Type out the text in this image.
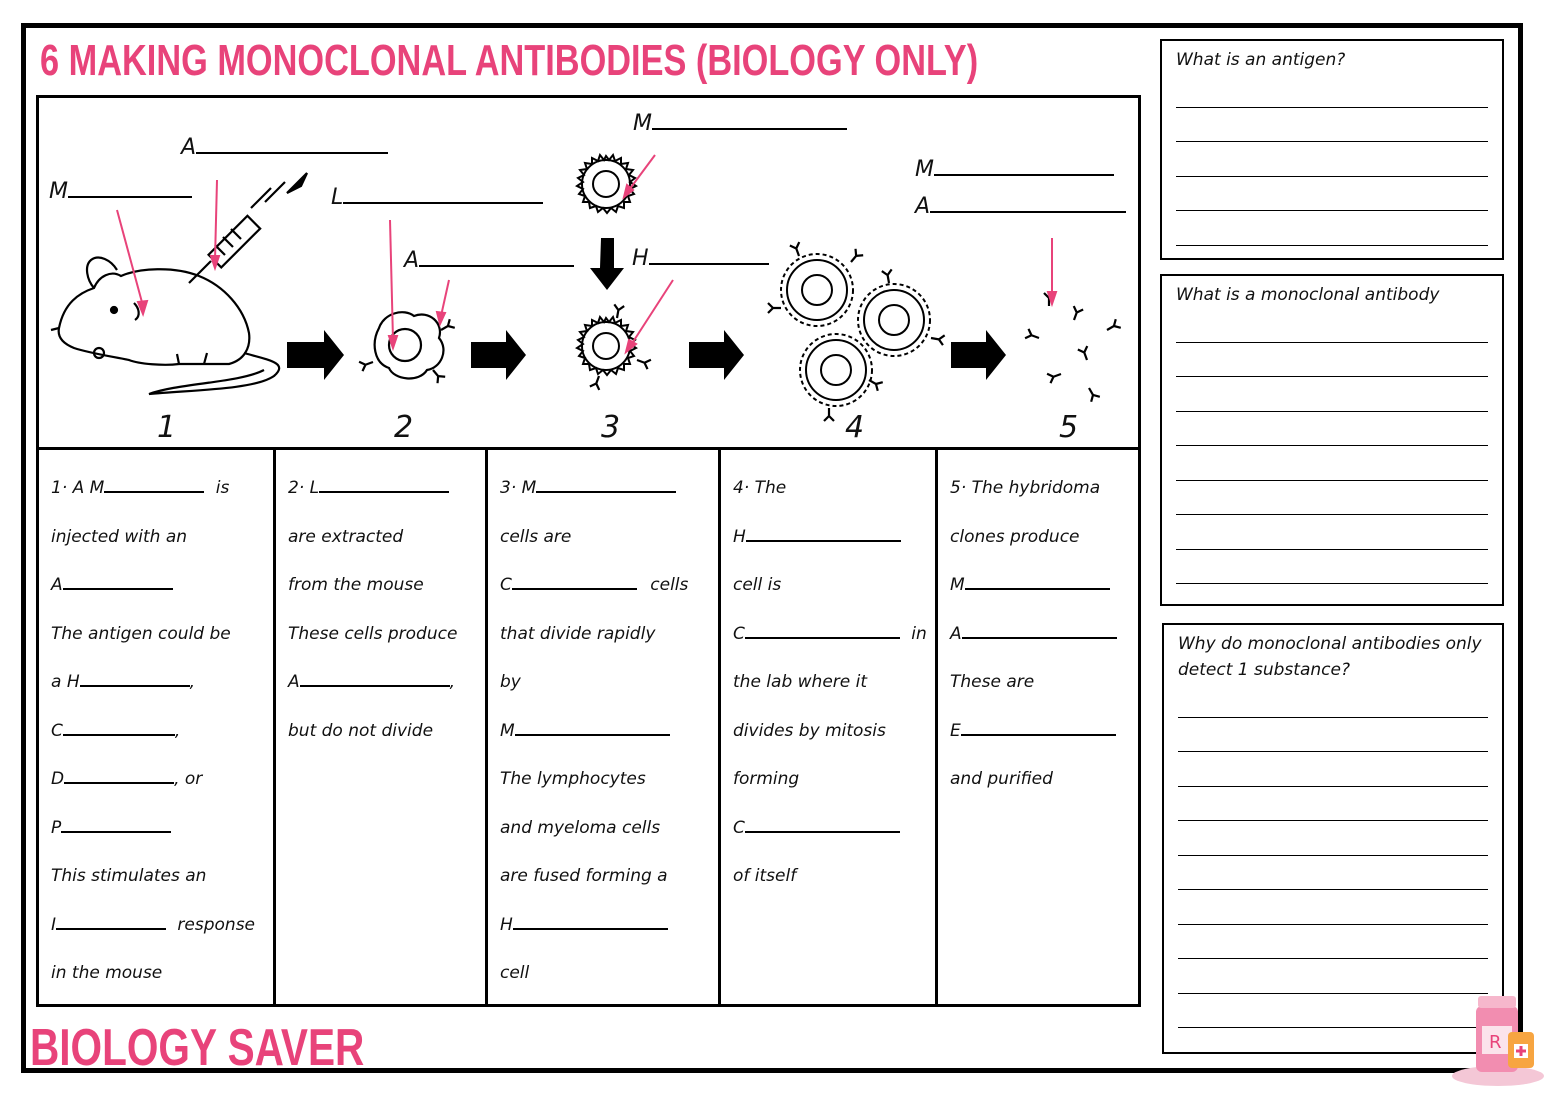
6 MAKING MONOCLONAL ANTIBODIES (BIOLOGY ONLY)
M
A
L
A
M
H
M
A
1	2	3	4	5
1· A M	is
injected with an
A
The antigen could be
a H	,
C	,
D	, or
P
This stimulates an
I	response
in the mouse
2· L
are extracted
from the mouse
These cells produce
A	,
but do not divide
3· M
cells are
C	cells
that divide rapidly
by
M
The lymphocytes
and myeloma cells
are fused forming a
H
cell
4· The
H
cell is
C	in
the lab where it
divides by mitosis
forming
C
of itself
5· The hybridoma
clones produce
M
A
These are
E
and purified
What is an antigen?
What is a monoclonal antibody
Why do monoclonal antibodies only detect 1 substance?
R
BIOLOGY SAVER
